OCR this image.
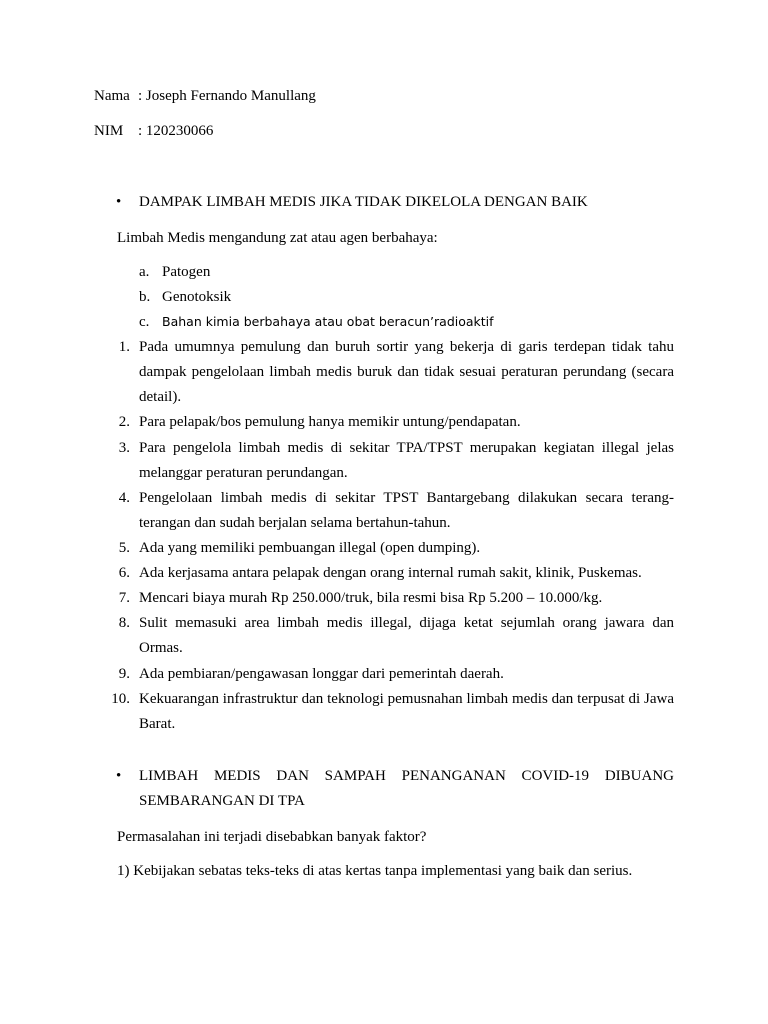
Nama : Joseph Fernando Manullang
NIM : 120230066
• DAMPAK LIMBAH MEDIS JIKA TIDAK DIKELOLA DENGAN BAIK
Limbah Medis mengandung zat atau agen berbahaya:
a. Patogen
b. Genotoksik
c. Bahan kimia berbahaya atau obat beracun’radioaktif
1. Pada umumnya pemulung dan buruh sortir yang bekerja di garis terdepan tidak tahu dampak pengelolaan limbah medis buruk dan tidak sesuai peraturan perundang (secara detail).
2. Para pelapak/bos pemulung hanya memikir untung/pendapatan.
3. Para pengelola limbah medis di sekitar TPA/TPST merupakan kegiatan illegal jelas melanggar peraturan perundangan.
4. Pengelolaan limbah medis di sekitar TPST Bantargebang dilakukan secara terang-terangan dan sudah berjalan selama bertahun-tahun.
5. Ada yang memiliki pembuangan illegal (open dumping).
6. Ada kerjasama antara pelapak dengan orang internal rumah sakit, klinik, Puskemas.
7. Mencari biaya murah Rp 250.000/truk, bila resmi bisa Rp 5.200 – 10.000/kg.
8. Sulit memasuki area limbah medis illegal, dijaga ketat sejumlah orang jawara dan Ormas.
9. Ada pembiaran/pengawasan longgar dari pemerintah daerah.
10. Kekuarangan infrastruktur dan teknologi pemusnahan limbah medis dan terpusat di Jawa Barat.
• LIMBAH MEDIS DAN SAMPAH PENANGANAN COVID-19 DIBUANG SEMBARANGAN DI TPA
Permasalahan ini terjadi disebabkan banyak faktor?
1) Kebijakan sebatas teks-teks di atas kertas tanpa implementasi yang baik dan serius.
